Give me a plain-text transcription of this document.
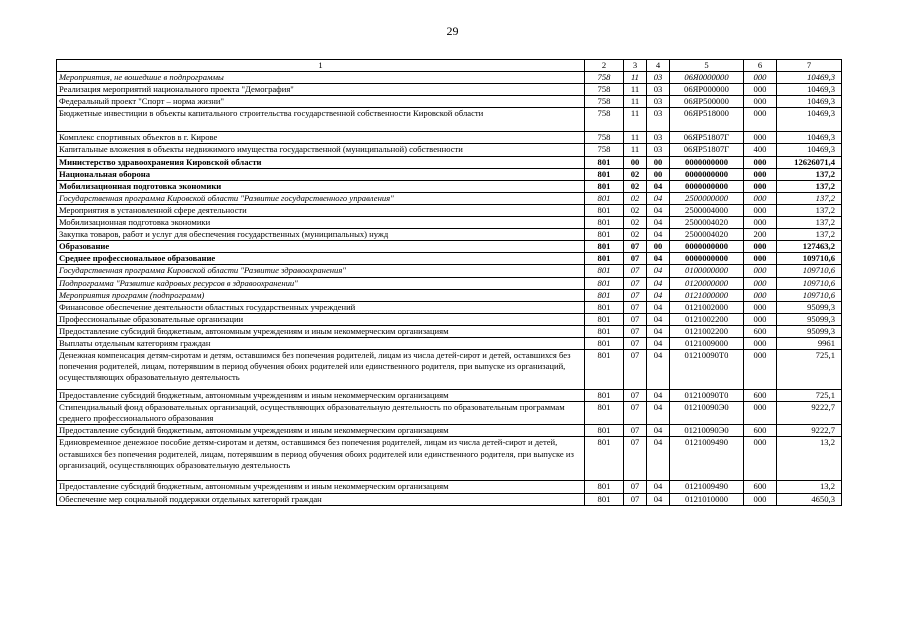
29
1	2	3	4	5	6	7
Мероприятия, не вошедшие в подпрограммы	758	11	03	06Я0000000	000	10469,3
Реализация мероприятий национального проекта "Демография"	758	11	03	06ЯР000000	000	10469,3
Федеральный проект "Спорт – норма жизни"	758	11	03	06ЯР500000	000	10469,3
Бюджетные инвестиции в объекты капитального строительства государственной собственности Кировской области	758	11	03	06ЯР518000	000	10469,3
Комплекс спортивных объектов в г. Кирове	758	11	03	06ЯР51807Г	000	10469,3
Капитальные вложения в объекты недвижимого имущества государственной (муниципальной) собственности	758	11	03	06ЯР51807Г	400	10469,3
Министерство здравоохранения Кировской области	801	00	00	0000000000	000	12626071,4
Национальная оборона	801	02	00	0000000000	000	137,2
Мобилизационная подготовка экономики	801	02	04	0000000000	000	137,2
Государственная программа Кировской области "Развитие государственного управления"	801	02	04	2500000000	000	137,2
Мероприятия в установленной сфере деятельности	801	02	04	2500004000	000	137,2
Мобилизационная подготовка экономики	801	02	04	2500004020	000	137,2
Закупка товаров, работ и услуг для обеспечения государственных (муниципальных) нужд	801	02	04	2500004020	200	137,2
Образование	801	07	00	0000000000	000	127463,2
Среднее профессиональное образование	801	07	04	0000000000	000	109710,6
Государственная программа Кировской области "Развитие здравоохранения"	801	07	04	0100000000	000	109710,6
Подпрограмма "Развитие кадровых ресурсов в здравоохранении"	801	07	04	0120000000	000	109710,6
Мероприятия программ (подпрограмм)	801	07	04	0121000000	000	109710,6
Финансовое обеспечение деятельности областных государственных учреждений	801	07	04	0121002000	000	95099,3
Профессиональные образовательные организации	801	07	04	0121002200	000	95099,3
Предоставление субсидий бюджетным, автономным учреждениям и иным некоммерческим организациям	801	07	04	0121002200	600	95099,3
Выплаты отдельным категориям граждан	801	07	04	0121009000	000	9961
Денежная компенсация детям-сиротам и детям, оставшимся без попечения родителей, лицам из числа детей-сирот и детей, оставшихся без попечения родителей, лицам, потерявшим в период обучения обоих родителей или единственного родителя, при выпуске из организаций, осуществляющих образовательную деятельность	801	07	04	01210090Т0	000	725,1
Предоставление субсидий бюджетным, автономным учреждениям и иным некоммерческим организациям	801	07	04	01210090Т0	600	725,1
Стипендиальный фонд образовательных организаций, осуществляющих образовательную деятельность по образовательным программам среднего профессионального образования	801	07	04	01210090Э0	000	9222,7
Предоставление субсидий бюджетным, автономным учреждениям и иным некоммерческим организациям	801	07	04	01210090Э0	600	9222,7
Единовременное денежное пособие детям-сиротам и детям, оставшимся без попечения родителей, лицам из числа детей-сирот и детей, оставшихся без попечения родителей, лицам, потерявшим в период обучения обоих родителей или единственного родителя, при выпуске из организаций, осуществляющих образовательную деятельность	801	07	04	0121009490	000	13,2
Предоставление субсидий бюджетным, автономным учреждениям и иным некоммерческим организациям	801	07	04	0121009490	600	13,2
Обеспечение мер социальной поддержки отдельных категорий граждан	801	07	04	0121010000	000	4650,3
